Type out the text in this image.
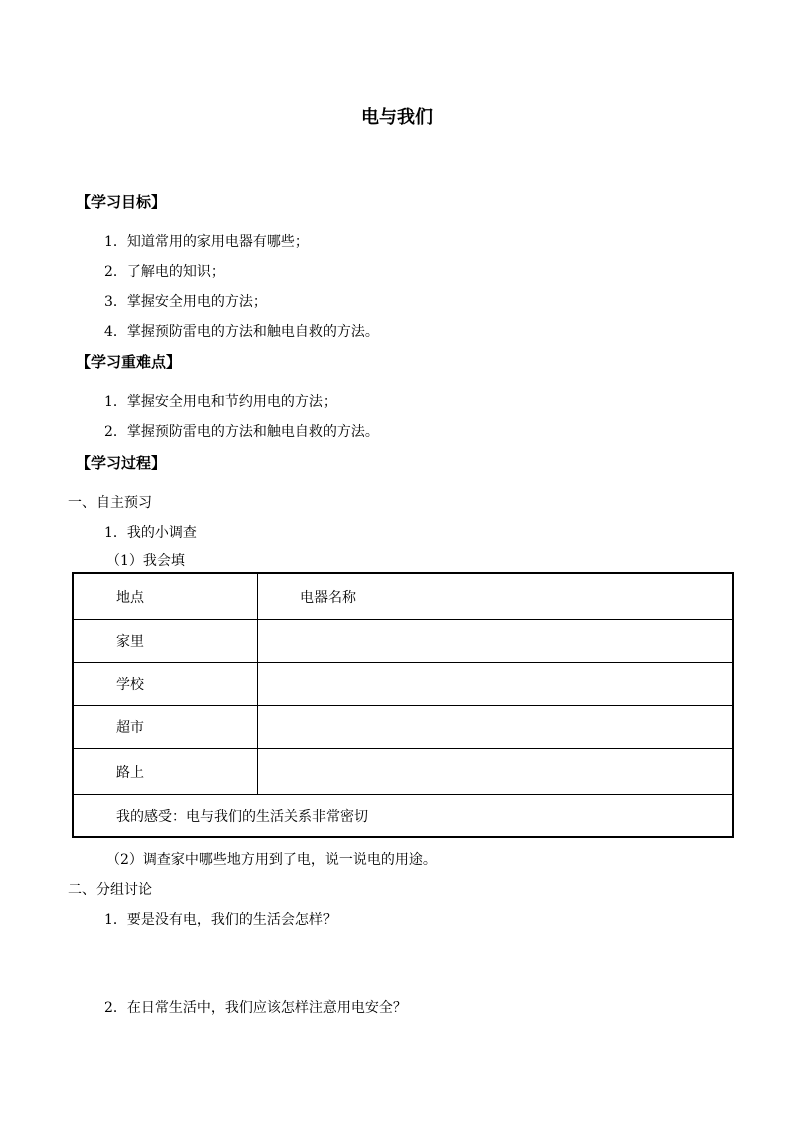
电与我们
【学习目标】
1．知道常用的家用电器有哪些；
2．了解电的知识；
3．掌握安全用电的方法；
4．掌握预防雷电的方法和触电自救的方法。
【学习重难点】
1．掌握安全用电和节约用电的方法；
2．掌握预防雷电的方法和触电自救的方法。
【学习过程】
一、自主预习
1．我的小调查
（1）我会填
地点	电器名称
家里
学校
超市
路上
我的感受：电与我们的生活关系非常密切
（2）调查家中哪些地方用到了电，说一说电的用途。
二、分组讨论
1．要是没有电，我们的生活会怎样？
2．在日常生活中，我们应该怎样注意用电安全？
